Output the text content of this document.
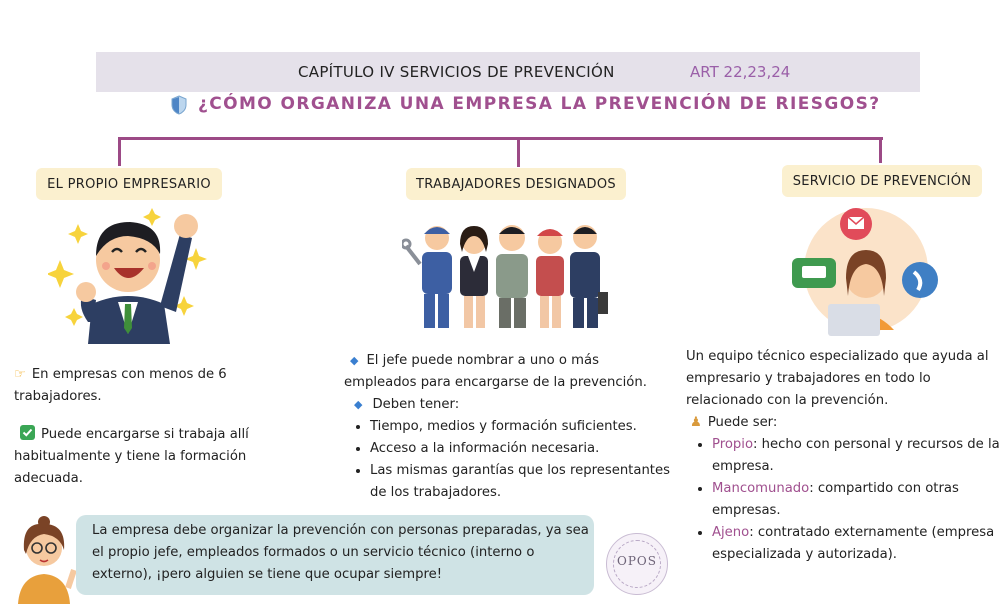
CAPÍTULO IV SERVICIOS DE PREVENCIÓN	ART 22,23,24
¿CÓMO ORGANIZA UNA EMPRESA LA PREVENCIÓN DE RIESGOS?
EL PROPIO EMPRESARIO	TRABAJADORES DESIGNADOS	SERVICIO DE PREVENCIÓN

☞ En empresas con menos de 6 trabajadores.

Puede encargarse si trabaja allí habitualmente y tiene la formación adecuada.

◆ El jefe puede nombrar a uno o más empleados para encargarse de la prevención.

◆ Deben tener:

• Tiempo, medios y formación suficientes.
• Acceso a la información necesaria.
• Las mismas garantías que los representantes de los trabajadores.

Un equipo técnico especializado que ayuda al empresario y trabajadores en todo lo relacionado con la prevención.

♟ Puede ser:

• Propio: hecho con personal y recursos de la empresa.
• Mancomunado: compartido con otras empresas.
• Ajeno: contratado externamente (empresa especializada y autorizada).
La empresa debe organizar la prevención con personas preparadas, ya sea el propio jefe, empleados formados o un servicio técnico (interno o externo), ¡pero alguien se tiene que ocupar siempre!
OPOS
